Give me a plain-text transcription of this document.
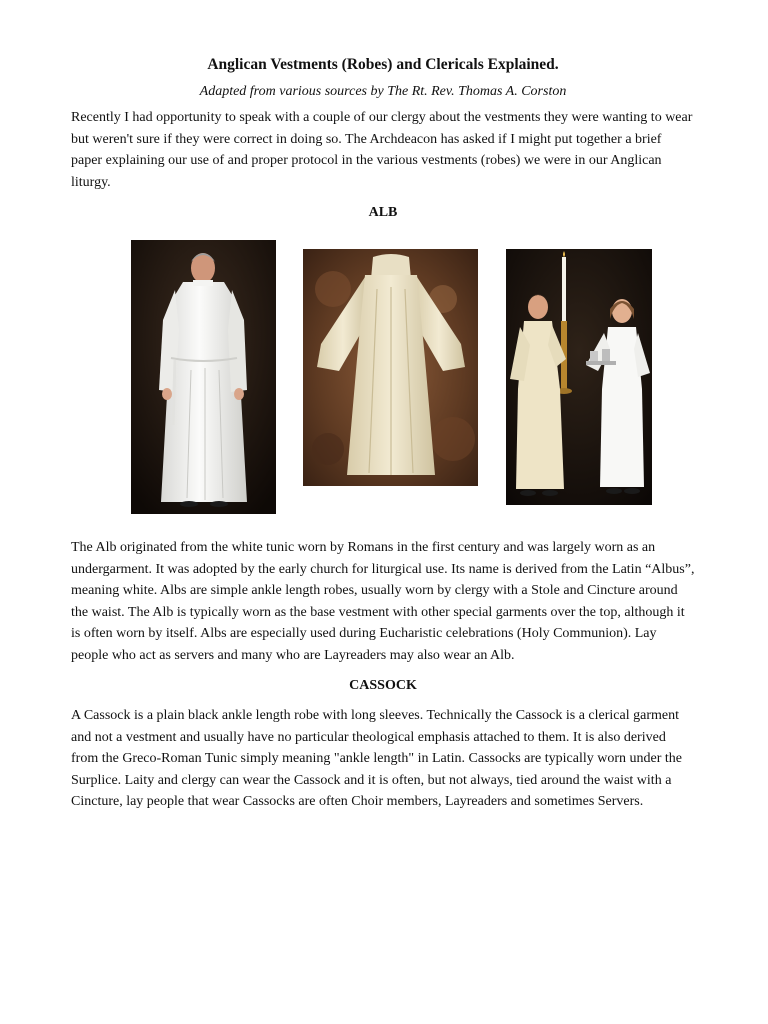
Anglican Vestments (Robes) and Clericals Explained.

Adapted from various sources by The Rt. Rev. Thomas A. Corston

Recently I had opportunity to speak with a couple of our clergy about the vestments they were wanting to wear but weren't sure if they were correct in doing so. The Archdeacon has asked if I might put together a brief paper explaining our use of and proper protocol in the various vestments (robes) we were in our Anglican liturgy.

ALB

The Alb originated from the white tunic worn by Romans in the first century and was largely worn as an undergarment. It was adopted by the early church for liturgical use. Its name is derived from the Latin “Albus”, meaning white. Albs are simple ankle length robes, usually worn by clergy with a Stole and Cincture around the waist. The Alb is typically worn as the base vestment with other special garments over the top, although it is often worn by itself. Albs are especially used during Eucharistic celebrations (Holy Communion). Lay people who act as servers and many who are Layreaders may also wear an Alb.

CASSOCK

A Cassock is a plain black ankle length robe with long sleeves. Technically the Cassock is a clerical garment and not a vestment and usually have no particular theological emphasis attached to them. It is also derived from the Greco-Roman Tunic simply meaning "ankle length" in Latin. Cassocks are typically worn under the Surplice. Laity and clergy can wear the Cassock and it is often, but not always, tied around the waist with a Cincture, lay people that wear Cassocks are often Choir members, Layreaders and sometimes Servers.
